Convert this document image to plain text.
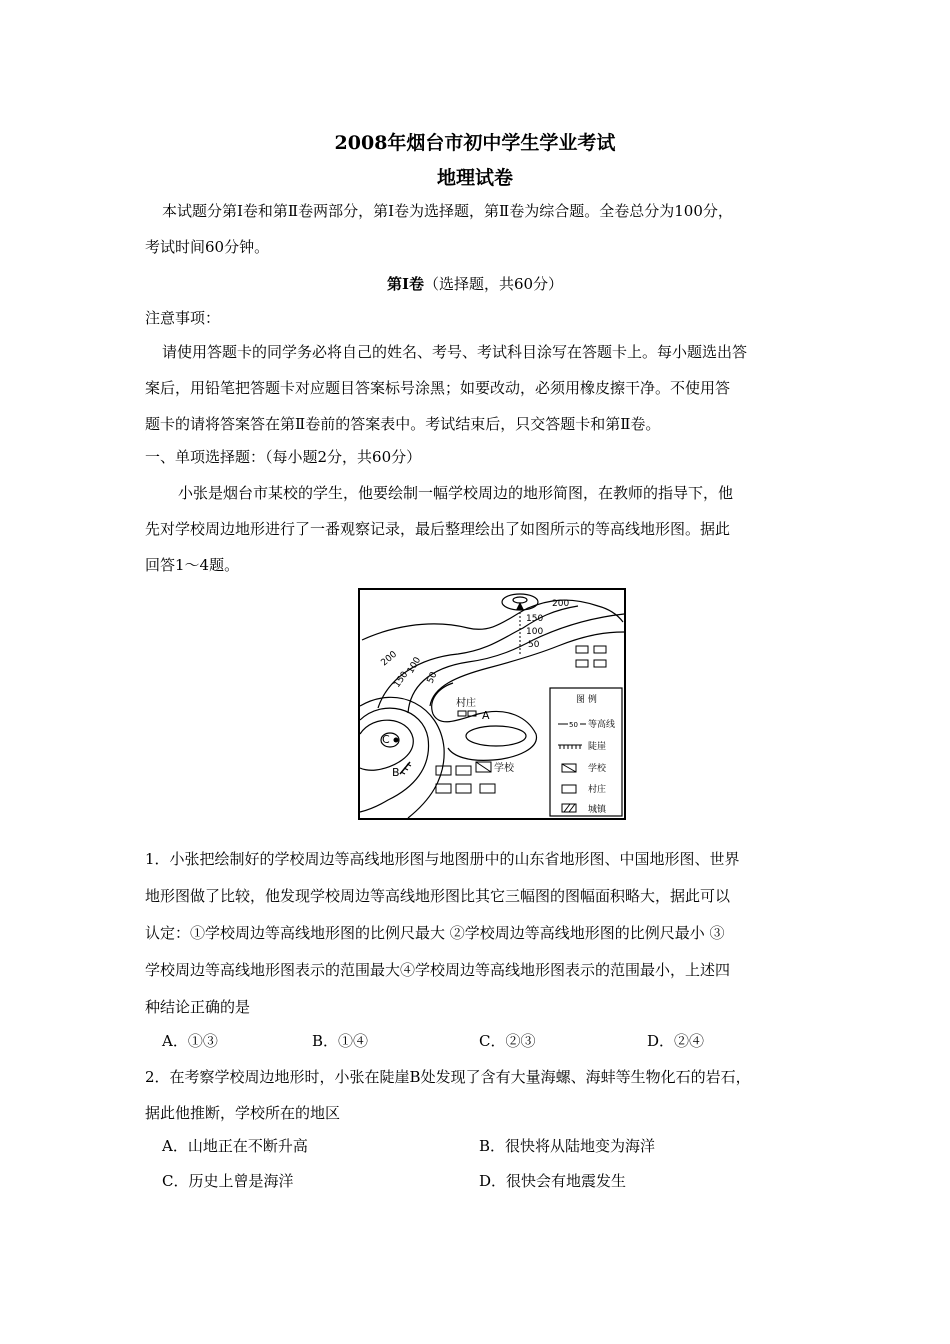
2008年烟台市初中学生学业考试
地理试卷
本试题分第Ⅰ卷和第Ⅱ卷两部分，第Ⅰ卷为选择题，第Ⅱ卷为综合题。全卷总分为100分，
考试时间60分钟。
第Ⅰ卷（选择题，共60分）
注意事项：
请使用答题卡的同学务必将自己的姓名、考号、考试科目涂写在答题卡上。每小题选出答
案后，用铅笔把答题卡对应题目答案标号涂黑；如要改动，必须用橡皮擦干净。不使用答
题卡的请将答案答在第Ⅱ卷前的答案表中。考试结束后，只交答题卡和第Ⅱ卷。
一、单项选择题：（每小题2分，共60分）
小张是烟台市某校的学生，他要绘制一幅学校周边的地形简图，在教师的指导下，他
先对学校周边地形进行了一番观察记录，最后整理绘出了如图所示的等高线地形图。据此
回答1～4题。
200
150
100
50
200
150
100
50
A
B
C
村庄
学校
图 例
50 等高线
陡崖
学校
村庄
城镇
1．小张把绘制好的学校周边等高线地形图与地图册中的山东省地形图、中国地形图、世界
地形图做了比较，他发现学校周边等高线地形图比其它三幅图的图幅面积略大，据此可以
认定：①学校周边等高线地形图的比例尺最大 ②学校周边等高线地形图的比例尺最小 ③
学校周边等高线地形图表示的范围最大④学校周边等高线地形图表示的范围最小，上述四
种结论正确的是
A．①③	B．①④	C．②③	D．②④
2．在考察学校周边地形时，小张在陡崖B处发现了含有大量海螺、海蚌等生物化石的岩石，
据此他推断，学校所在的地区
A．山地正在不断升高	B．很快将从陆地变为海洋
C．历史上曾是海洋	D．很快会有地震发生
